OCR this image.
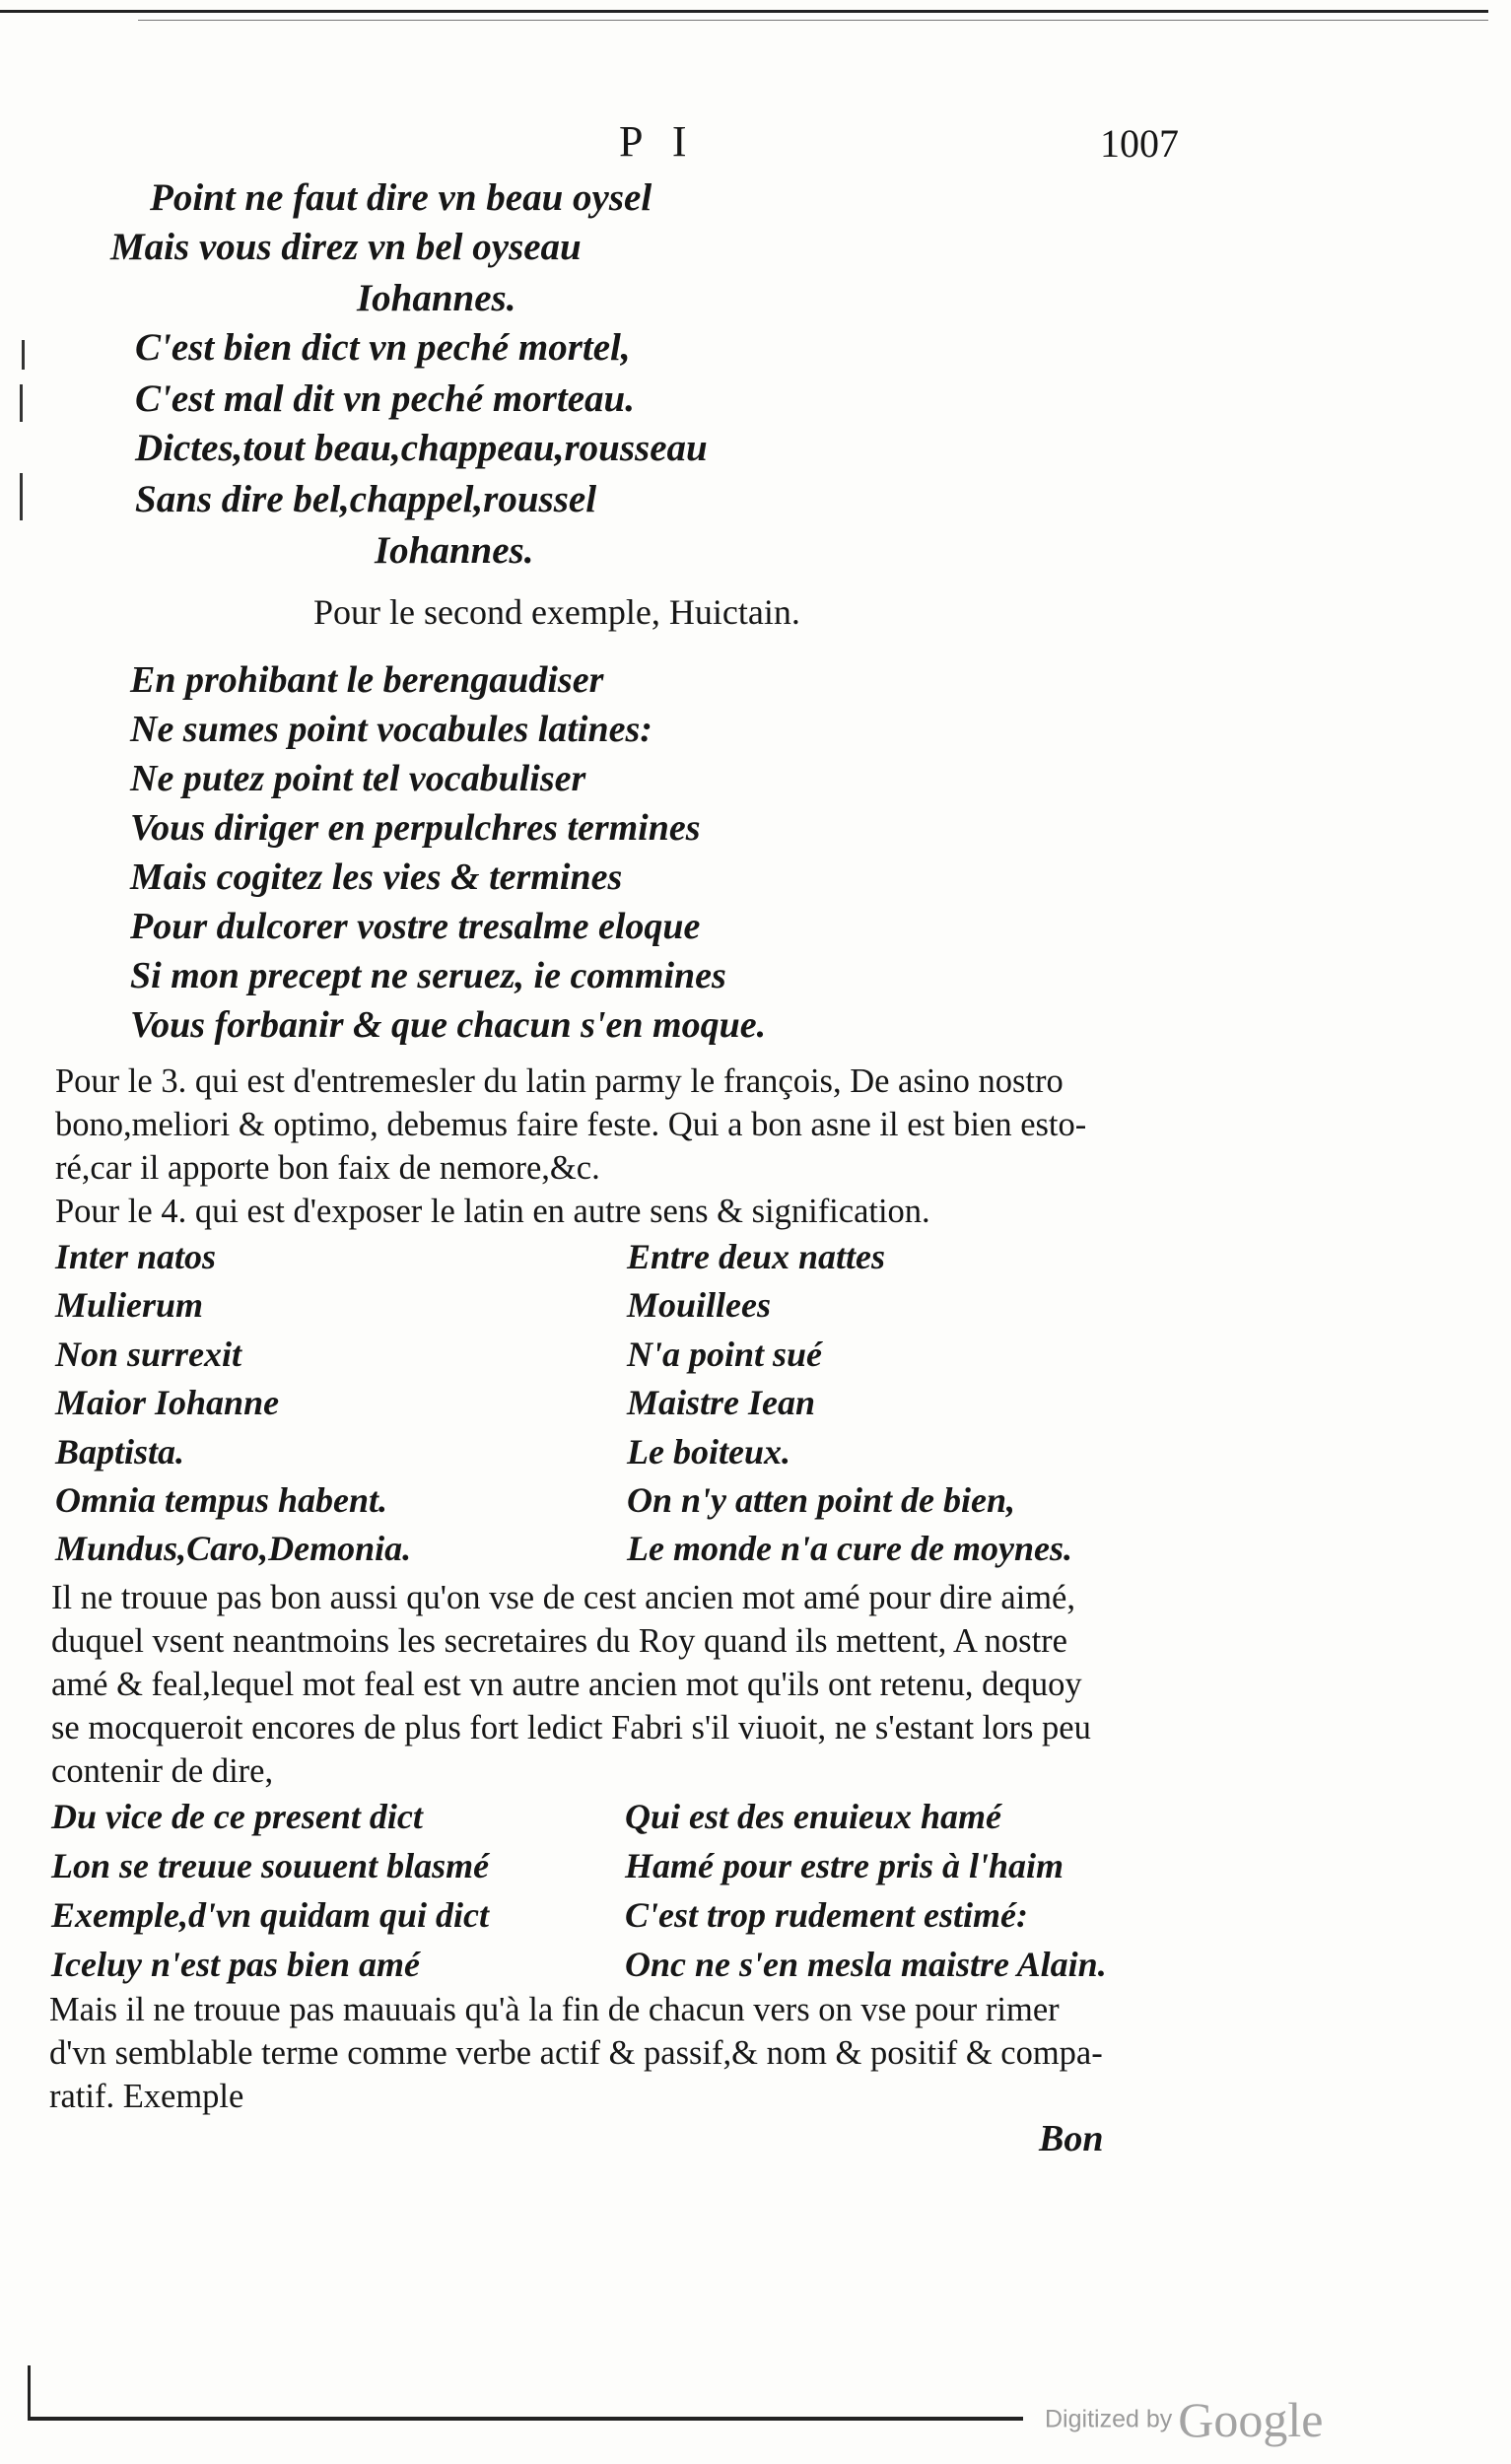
P I	1007
Point ne faut dire vn beau oysel
Mais vous direz vn bel oyseau
Iohannes.
C'est bien dict vn peché mortel,
C'est mal dit vn peché morteau.
Dictes,tout beau,chappeau,rousseau
Sans dire bel,chappel,roussel
Iohannes.
Pour le second exemple, Huictain.
En prohibant le berengaudiser
Ne sumes point vocabules latines:
Ne putez point tel vocabuliser
Vous diriger en perpulchres termines
Mais cogitez les vies & termines
Pour dulcorer vostre tresalme eloque
Si mon precept ne seruez, ie commines
Vous forbanir & que chacun s'en moque.
Pour le 3. qui est d'entremesler du latin parmy le françois, De asino nostro
bono,meliori & optimo, debemus faire feste. Qui a bon asne il est bien esto-
ré,car il apporte bon faix de nemore,&c.
Pour le 4. qui est d'exposer le latin en autre sens & signification.
Inter natos
Mulierum
Non surrexit
Maior Iohanne
Baptista.
Omnia tempus habent.
Mundus,Caro,Demonia.
Entre deux nattes
Mouillees
N'a point sué
Maistre Iean
Le boiteux.
On n'y atten point de bien,
Le monde n'a cure de moynes.
Il ne trouue pas bon aussi qu'on vse de cest ancien mot amé pour dire aimé,
duquel vsent neantmoins les secretaires du Roy quand ils mettent, A nostre
amé & feal,lequel mot feal est vn autre ancien mot qu'ils ont retenu, dequoy
se mocqueroit encores de plus fort ledict Fabri s'il viuoit, ne s'estant lors peu
contenir de dire,
Du vice de ce present dict
Lon se treuue souuent blasmé
Exemple,d'vn quidam qui dict
Iceluy n'est pas bien amé
Qui est des enuieux hamé
Hamé pour estre pris à l'haim
C'est trop rudement estimé:
Onc ne s'en mesla maistre Alain.
Mais il ne trouue pas mauuais qu'à la fin de chacun vers on vse pour rimer
d'vn semblable terme comme verbe actif & passif,& nom & positif & compa-
ratif. Exemple
Bon
Digitized by Google
